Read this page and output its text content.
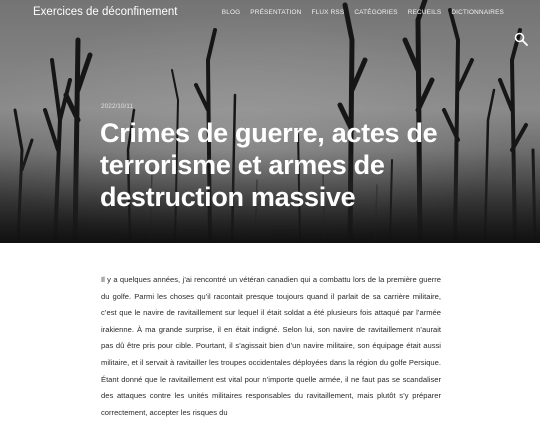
Exercices de déconfinement	BLOG PRÉSENTATION FLUX RSS CATÉGORIES RECUEILS DICTIONNAIRES
2022/10/11
Crimes de guerre, actes de terrorisme et armes de destruction massive

Il y a quelques années, j’ai rencontré un vétéran canadien qui a combattu lors de la première guerre du golfe. Parmi les choses qu’il racontait presque toujours quand il parlait de sa carrière militaire, c’est que le navire de ravitaillement sur lequel il était soldat a été plusieurs fois attaqué par l’armée irakienne. À ma grande surprise, il en était indigné. Selon lui, son navire de ravitaillement n’aurait pas dû être pris pour cible. Pourtant, il s’agissait bien d’un navire militaire, son équipage était aussi militaire, et il servait à ravitailler les troupes occidentales déployées dans la région du golfe Persique. Étant donné que le ravitaillement est vital pour n’importe quelle armée, il ne faut pas se scandaliser des attaques contre les unités militaires responsables du ravitaillement, mais plutôt s’y préparer correctement, accepter les risques du
